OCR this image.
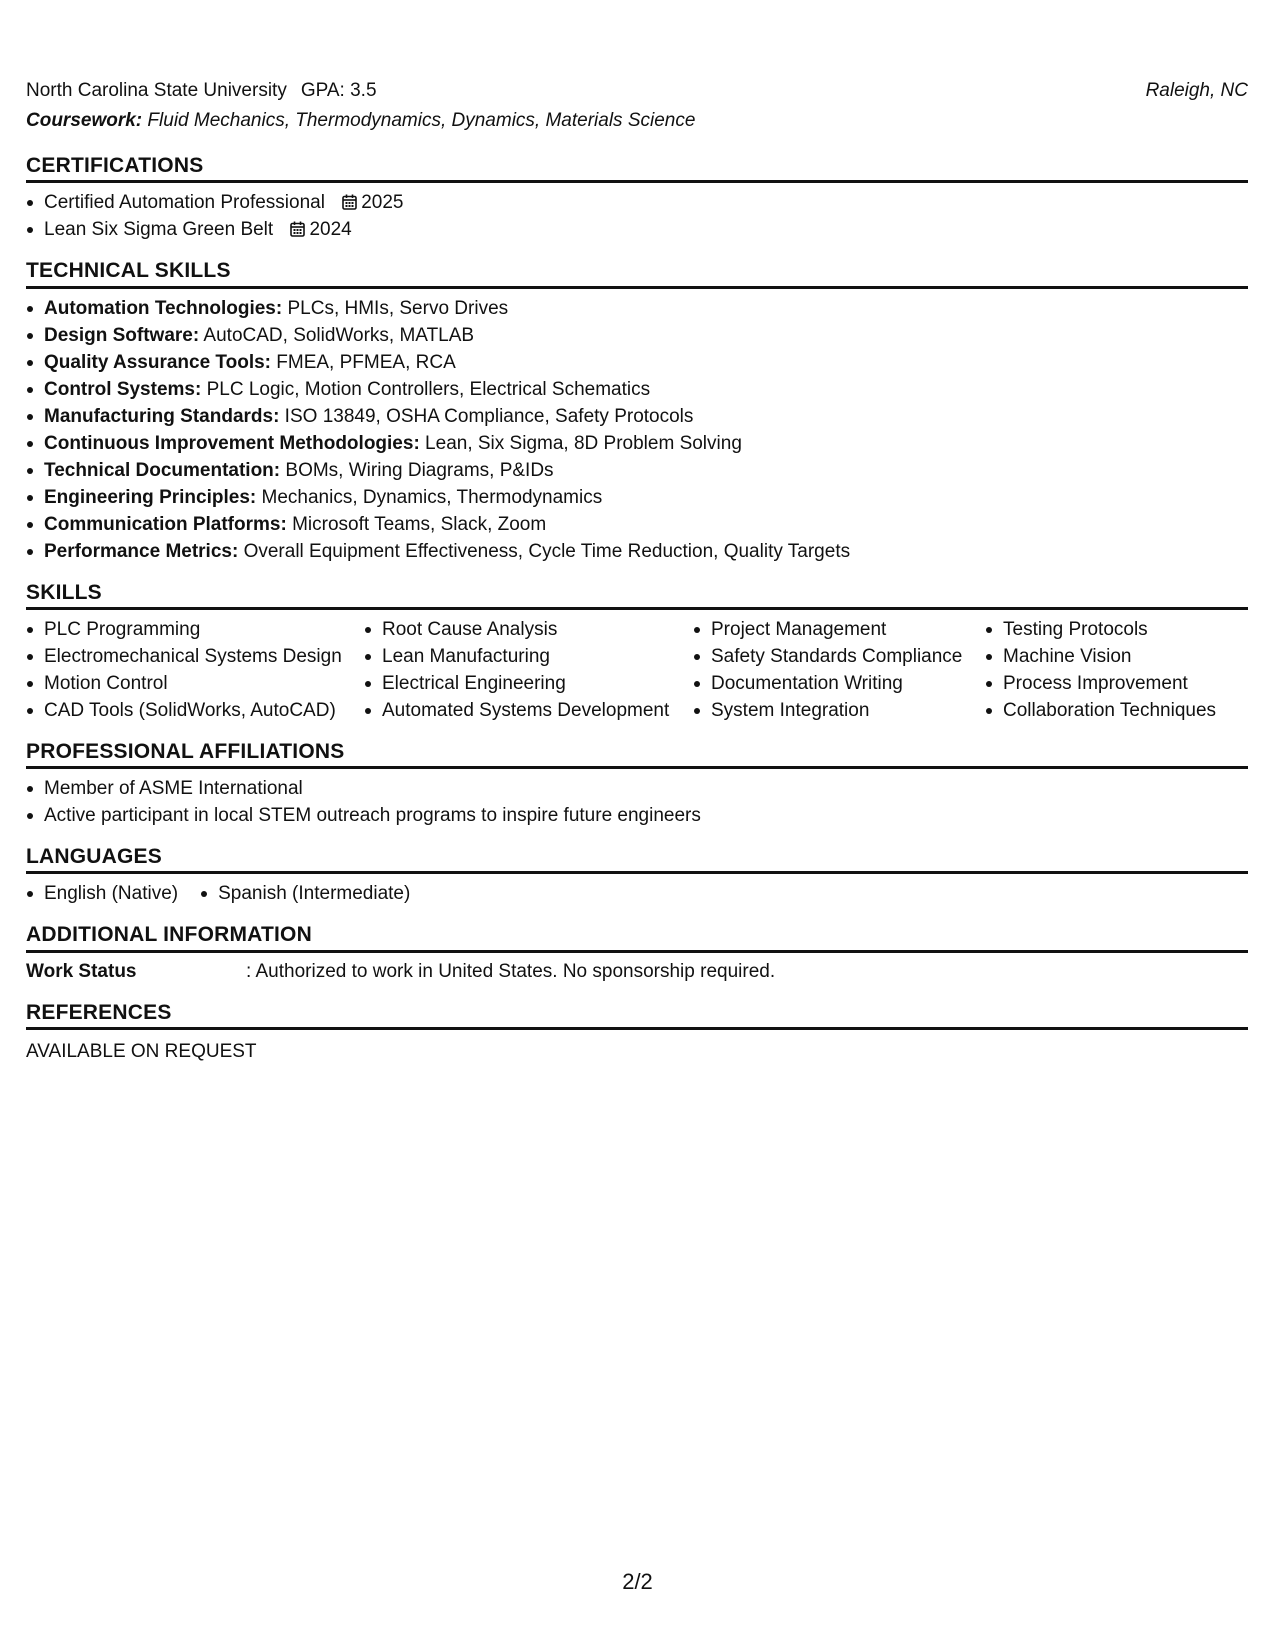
North Carolina State University GPA: 3.5	Raleigh, NC
Coursework: Fluid Mechanics, Thermodynamics, Dynamics, Materials Science
CERTIFICATIONS
Certified Automation Professional 2025
Lean Six Sigma Green Belt 2024
TECHNICAL SKILLS
Automation Technologies: PLCs, HMIs, Servo Drives
Design Software: AutoCAD, SolidWorks, MATLAB
Quality Assurance Tools: FMEA, PFMEA, RCA
Control Systems: PLC Logic, Motion Controllers, Electrical Schematics
Manufacturing Standards: ISO 13849, OSHA Compliance, Safety Protocols
Continuous Improvement Methodologies: Lean, Six Sigma, 8D Problem Solving
Technical Documentation: BOMs, Wiring Diagrams, P&IDs
Engineering Principles: Mechanics, Dynamics, Thermodynamics
Communication Platforms: Microsoft Teams, Slack, Zoom
Performance Metrics: Overall Equipment Effectiveness, Cycle Time Reduction, Quality Targets
SKILLS
PLC Programming
Electromechanical Systems Design
Motion Control
CAD Tools (SolidWorks, AutoCAD)
Root Cause Analysis
Lean Manufacturing
Electrical Engineering
Automated Systems Development
Project Management
Safety Standards Compliance
Documentation Writing
System Integration
Testing Protocols
Machine Vision
Process Improvement
Collaboration Techniques
PROFESSIONAL AFFILIATIONS
Member of ASME International
Active participant in local STEM outreach programs to inspire future engineers
LANGUAGES
English (Native)	Spanish (Intermediate)
ADDITIONAL INFORMATION
Work Status	: Authorized to work in United States. No sponsorship required.
REFERENCES
AVAILABLE ON REQUEST
2/2
